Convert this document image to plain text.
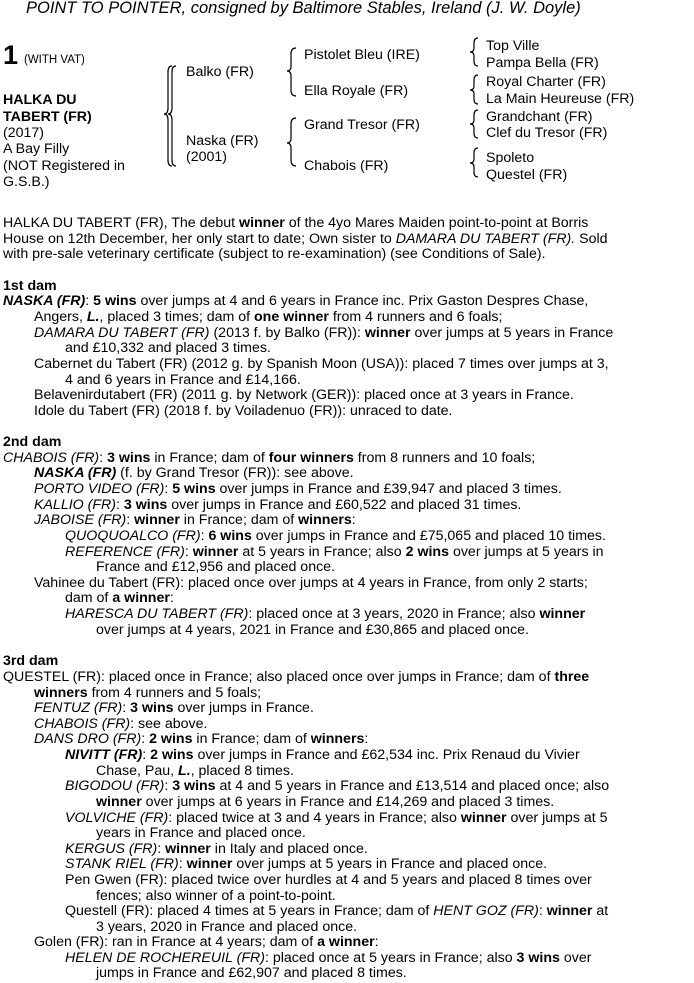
POINT TO POINTER, consigned by Baltimore Stables, Ireland (J. W. Doyle)
1 (WITH VAT)
HALKA DU
TABERT (FR)
(2017)
A Bay Filly
(NOT Registered in
G.S.B.)
Balko (FR)
Naska (FR)
(2001)
Pistolet Bleu (IRE)
Ella Royale (FR)
Grand Tresor (FR)
Chabois (FR)
Top Ville
Pampa Bella (FR)
Royal Charter (FR)
La Main Heureuse (FR)
Grandchant (FR)
Clef du Tresor (FR)
Spoleto
Questel (FR)
HALKA DU TABERT (FR), The debut winner of the 4yo Mares Maiden point-to-point at Borris
House on 12th December, her only start to date; Own sister to DAMARA DU TABERT (FR). Sold
with pre-sale veterinary certificate (subject to re-examination) (see Conditions of Sale).
1st dam
NASKA (FR): 5 wins over jumps at 4 and 6 years in France inc. Prix Gaston Despres Chase,
Angers, L., placed 3 times; dam of one winner from 4 runners and 6 foals;
DAMARA DU TABERT (FR) (2013 f. by Balko (FR)): winner over jumps at 5 years in France
and £10,332 and placed 3 times.
Cabernet du Tabert (FR) (2012 g. by Spanish Moon (USA)): placed 7 times over jumps at 3,
4 and 6 years in France and £14,166.
Belavenirdutabert (FR) (2011 g. by Network (GER)): placed once at 3 years in France.
Idole du Tabert (FR) (2018 f. by Voiladenuo (FR)): unraced to date.
2nd dam
CHABOIS (FR): 3 wins in France; dam of four winners from 8 runners and 10 foals;
NASKA (FR) (f. by Grand Tresor (FR)): see above.
PORTO VIDEO (FR): 5 wins over jumps in France and £39,947 and placed 3 times.
KALLIO (FR): 3 wins over jumps in France and £60,522 and placed 31 times.
JABOISE (FR): winner in France; dam of winners:
QUOQUOALCO (FR): 6 wins over jumps in France and £75,065 and placed 10 times.
REFERENCE (FR): winner at 5 years in France; also 2 wins over jumps at 5 years in
France and £12,956 and placed once.
Vahinee du Tabert (FR): placed once over jumps at 4 years in France, from only 2 starts;
dam of a winner:
HARESCA DU TABERT (FR): placed once at 3 years, 2020 in France; also winner
over jumps at 4 years, 2021 in France and £30,865 and placed once.
3rd dam
QUESTEL (FR): placed once in France; also placed once over jumps in France; dam of three
winners from 4 runners and 5 foals;
FENTUZ (FR): 3 wins over jumps in France.
CHABOIS (FR): see above.
DANS DRO (FR): 2 wins in France; dam of winners:
NIVITT (FR): 2 wins over jumps in France and £62,534 inc. Prix Renaud du Vivier
Chase, Pau, L., placed 8 times.
BIGODOU (FR): 3 wins at 4 and 5 years in France and £13,514 and placed once; also
winner over jumps at 6 years in France and £14,269 and placed 3 times.
VOLVICHE (FR): placed twice at 3 and 4 years in France; also winner over jumps at 5
years in France and placed once.
KERGUS (FR): winner in Italy and placed once.
STANK RIEL (FR): winner over jumps at 5 years in France and placed once.
Pen Gwen (FR): placed twice over hurdles at 4 and 5 years and placed 8 times over
fences; also winner of a point-to-point.
Questell (FR): placed 4 times at 5 years in France; dam of HENT GOZ (FR): winner at
3 years, 2020 in France and placed once.
Golen (FR): ran in France at 4 years; dam of a winner:
HELEN DE ROCHEREUIL (FR): placed once at 5 years in France; also 3 wins over
jumps in France and £62,907 and placed 8 times.
